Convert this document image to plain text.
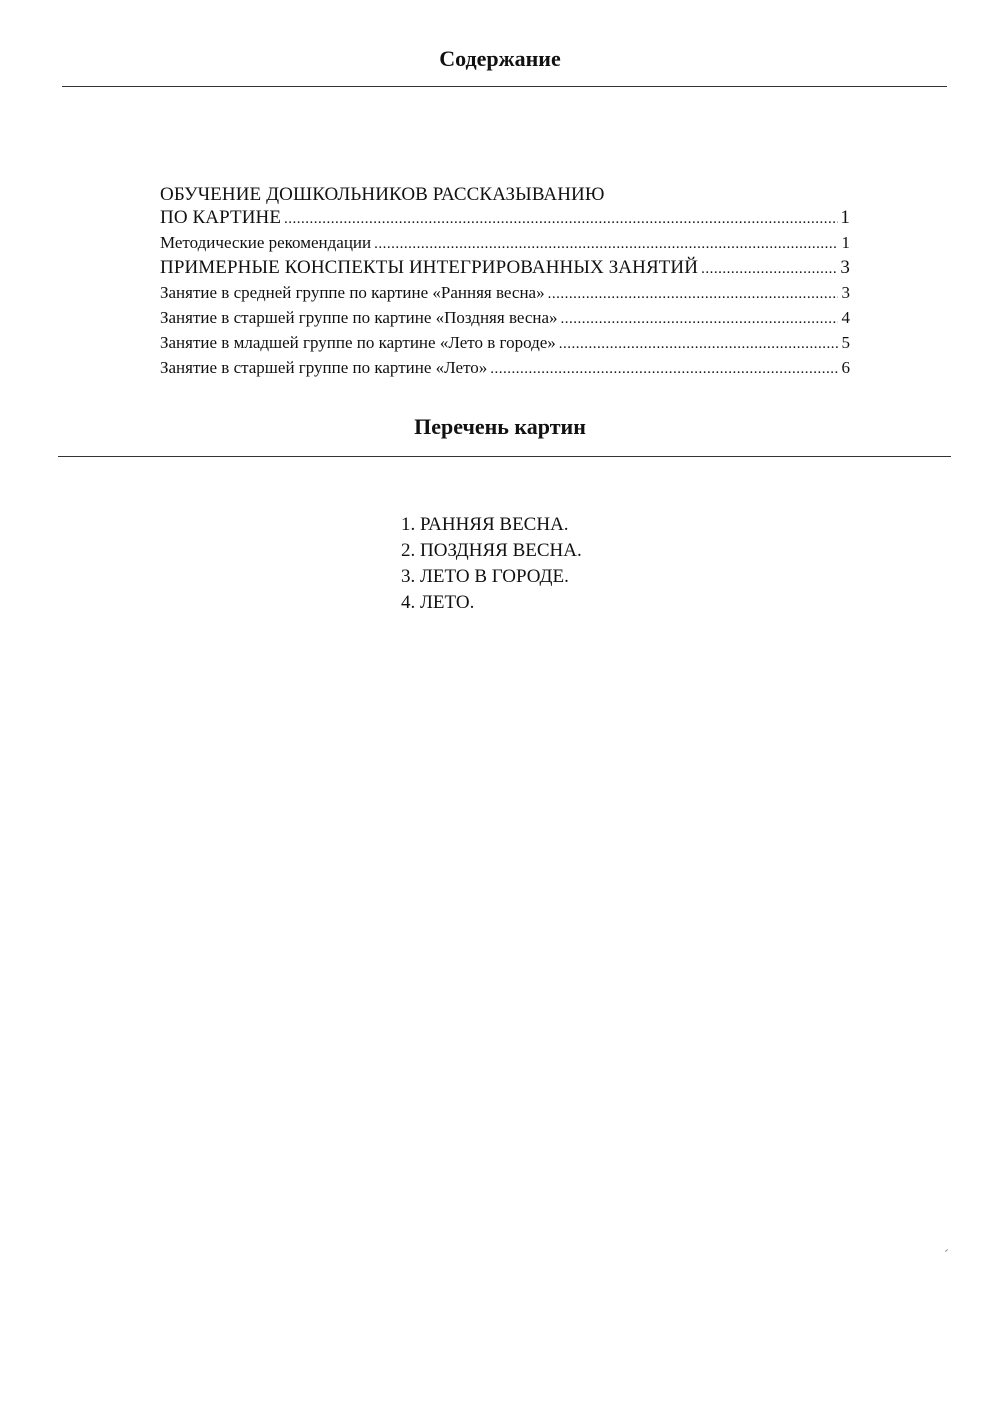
Содержание
ОБУЧЕНИЕ ДОШКОЛЬНИКОВ РАССКАЗЫВАНИЮ
ПО КАРТИНЕ .....	1
Методические рекомендации .....	1
ПРИМЕРНЫЕ КОНСПЕКТЫ ИНТЕГРИРОВАННЫХ ЗАНЯТИЙ .....	3
Занятие в средней группе по картине «Ранняя весна» .....	3
Занятие в старшей группе по картине «Поздняя весна» .....	4
Занятие в младшей группе по картине «Лето в городе» .....	5
Занятие в старшей группе по картине «Лето» .....	6
Перечень картин
1. РАННЯЯ ВЕСНА.
2. ПОЗДНЯЯ ВЕСНА.
3. ЛЕТО В ГОРОДЕ.
4. ЛЕТО.
